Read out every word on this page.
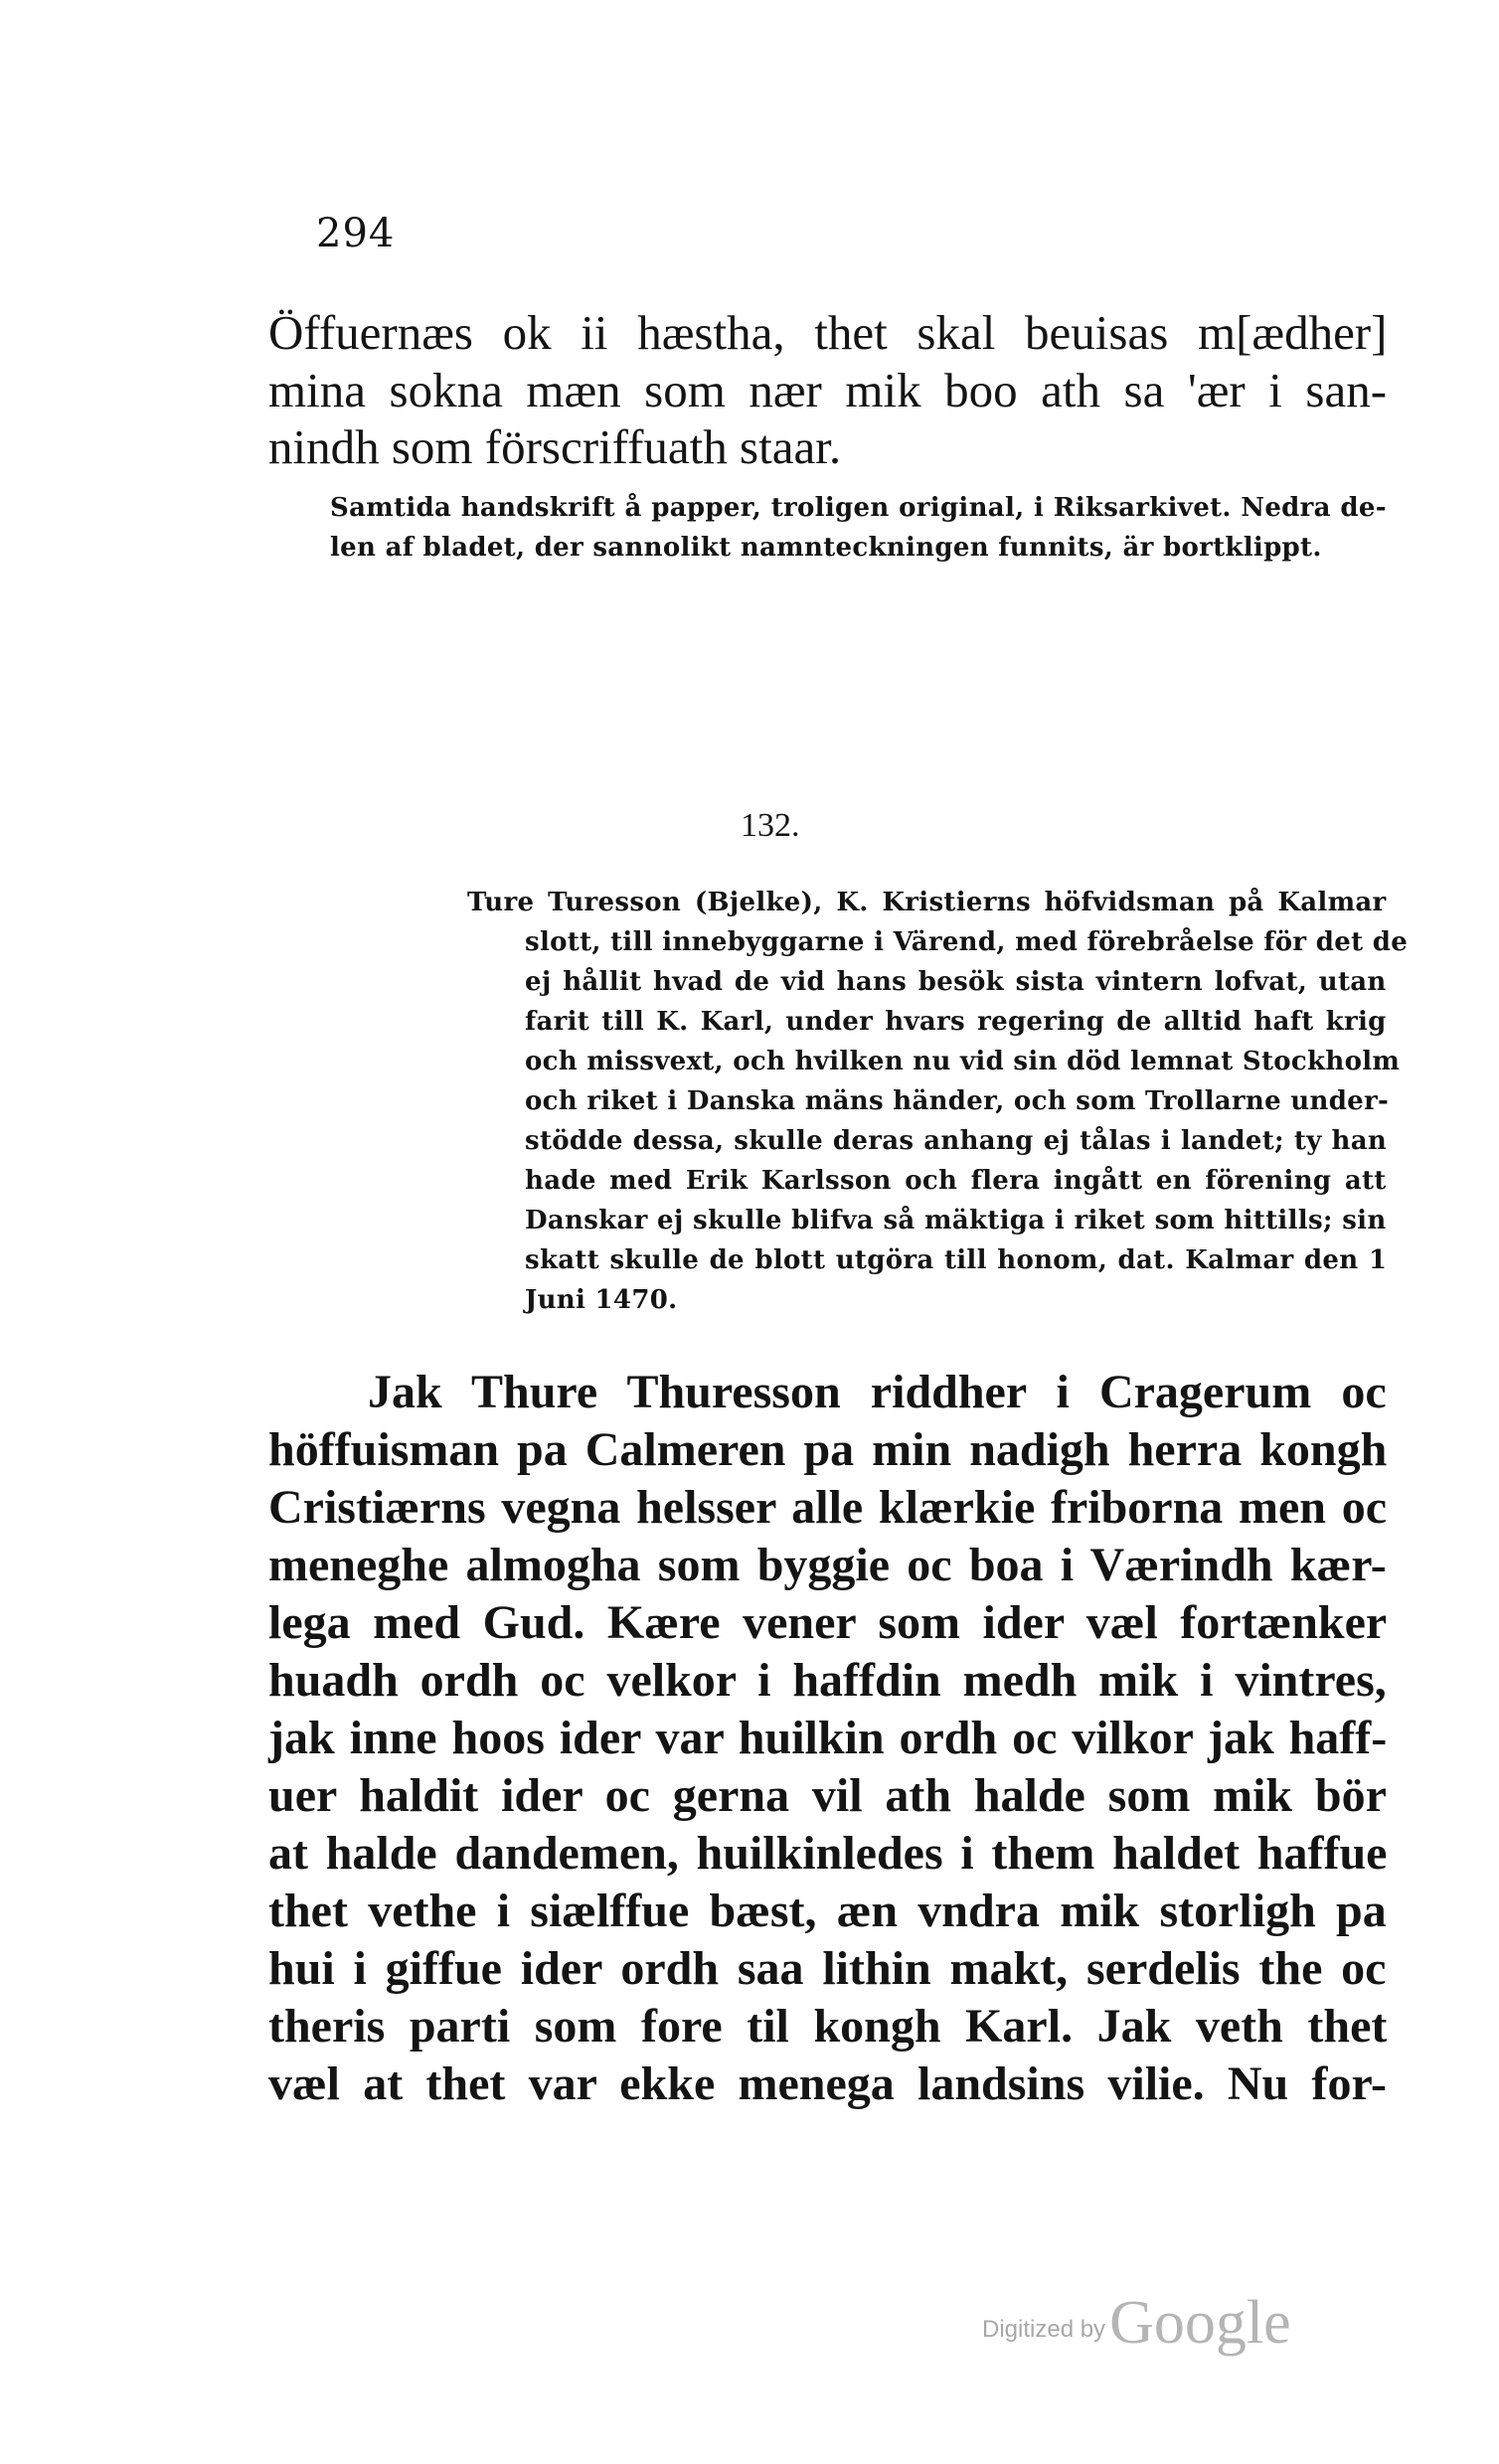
294
Öffuernæs ok ii hæstha, thet skal beuisas m[ædher]
mina sokna mæn som nær mik boo ath sa 'ær i san-
nindh som förscriffuath staar.
Samtida handskrift å papper, troligen original, i Riksarkivet. Nedra de-
len af bladet, der sannolikt namnteckningen funnits, är bortklippt.
132.
Ture Turesson (Bjelke), K. Kristierns höfvidsman på Kalmar
slott, till innebyggarne i Värend, med förebråelse för det de
ej hållit hvad de vid hans besök sista vintern lofvat, utan
farit till K. Karl, under hvars regering de alltid haft krig
och missvext, och hvilken nu vid sin död lemnat Stockholm
och riket i Danska mäns händer, och som Trollarne under-
stödde dessa, skulle deras anhang ej tålas i landet; ty han
hade med Erik Karlsson och flera ingått en förening att
Danskar ej skulle blifva så mäktiga i riket som hittills; sin
skatt skulle de blott utgöra till honom, dat. Kalmar den 1
Juni 1470.
Jak Thure Thuresson riddher i Cragerum oc
höffuisman pa Calmeren pa min nadigh herra kongh
Cristiærns vegna helsser alle klærkie friborna men oc
meneghe almogha som byggie oc boa i Værindh kær-
lega med Gud. Kære vener som ider væl fortænker
huadh ordh oc velkor i haffdin medh mik i vintres,
jak inne hoos ider var huilkin ordh oc vilkor jak haff-
uer haldit ider oc gerna vil ath halde som mik bör
at halde dandemen, huilkinledes i them haldet haffue
thet vethe i siælffue bæst, æn vndra mik storligh pa
hui i giffue ider ordh saa lithin makt, serdelis the oc
theris parti som fore til kongh Karl. Jak veth thet
væl at thet var ekke menega landsins vilie. Nu for-
Digitized by Google
